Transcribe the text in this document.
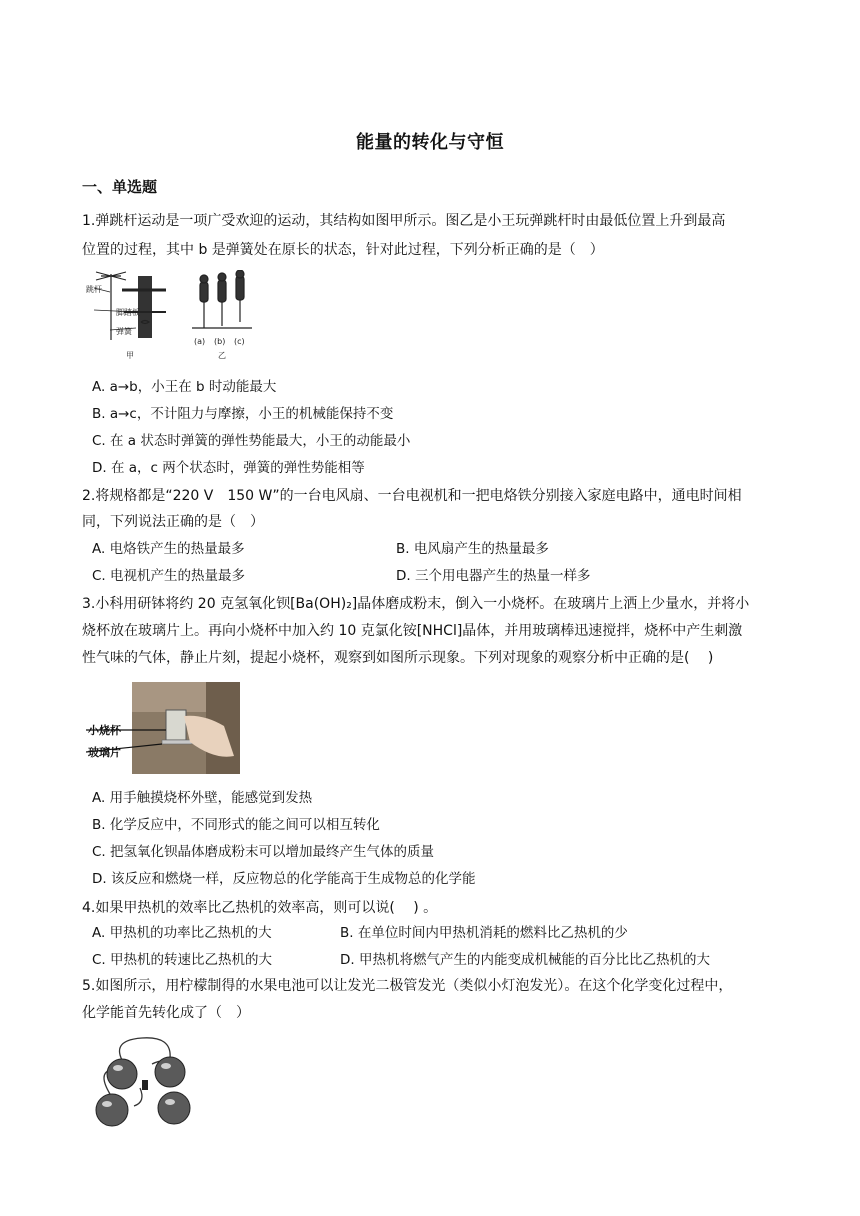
能量的转化与守恒
一、单选题
1.弹跳杆运动是一项广受欢迎的运动，其结构如图甲所示。图乙是小王玩弹跳杆时由最低位置上升到最高
位置的过程，其中 b 是弹簧处在原长的状态，针对此过程，下列分析正确的是（　）
跳杆
脚踏板
弹簧
甲
(a) (b) (c)
乙
A. a→b，小王在 b 时动能最大
B. a→c，不计阻力与摩擦，小王的机械能保持不变
C. 在 a 状态时弹簧的弹性势能最大，小王的动能最小
D. 在 a，c 两个状态时，弹簧的弹性势能相等
2.将规格都是“220 V　150 W”的一台电风扇、一台电视机和一把电烙铁分别接入家庭电路中，通电时间相
同，下列说法正确的是（　）
A. 电烙铁产生的热量最多	B. 电风扇产生的热量最多
C. 电视机产生的热量最多	D. 三个用电器产生的热量一样多
3.小科用研钵将约 20 克氢氧化钡[Ba(OH)₂]晶体磨成粉末，倒入一小烧杯。在玻璃片上洒上少量水，并将小
烧杯放在玻璃片上。再向小烧杯中加入约 10 克氯化铵[NHCl]晶体，并用玻璃棒迅速搅拌，烧杯中产生刺激
性气味的气体，静止片刻，提起小烧杯，观察到如图所示现象。下列对现象的观察分析中正确的是(　 )
小烧杯
玻璃片
A. 用手触摸烧杯外壁，能感觉到发热
B. 化学反应中，不同形式的能之间可以相互转化
C. 把氢氧化钡晶体磨成粉末可以增加最终产生气体的质量
D. 该反应和燃烧一样，反应物总的化学能高于生成物总的化学能
4.如果甲热机的效率比乙热机的效率高，则可以说(　 ) 。
A. 甲热机的功率比乙热机的大	B. 在单位时间内甲热机消耗的燃料比乙热机的少
C. 甲热机的转速比乙热机的大	D. 甲热机将燃气产生的内能变成机械能的百分比比乙热机的大
5.如图所示，用柠檬制得的水果电池可以让发光二极管发光（类似小灯泡发光）。在这个化学变化过程中，
化学能首先转化成了（　）
